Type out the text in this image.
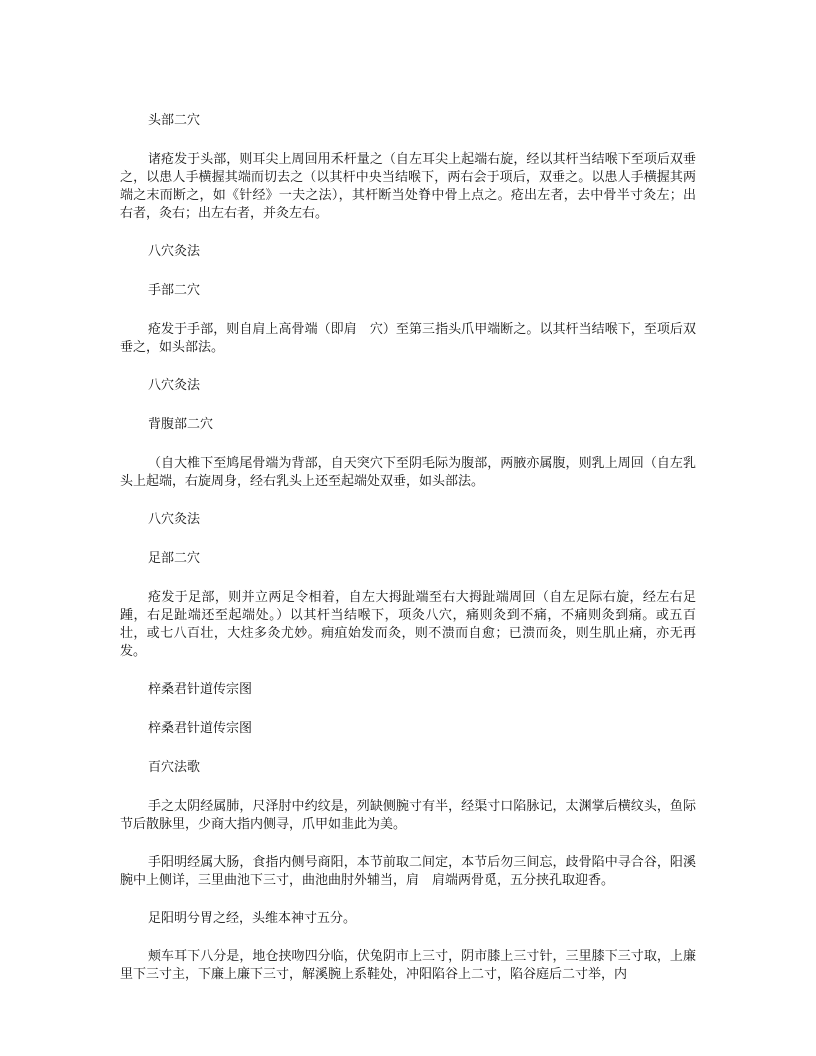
头部二穴
诸疮发于头部，则耳尖上周回用禾杆量之（自左耳尖上起端右旋，经以其杆当结喉下至项后双垂之，以患人手横握其端而切去之（以其杆中央当结喉下，两右会于项后，双垂之。以患人手横握其两端之末而断之，如《针经》一夫之法），其杆断当处脊中骨上点之。疮出左者，去中骨半寸灸左；出右者，灸右；出左右者，并灸左右。
八穴灸法
手部二穴
疮发于手部，则自肩上高骨端（即肩　穴）至第三指头爪甲端断之。以其杆当结喉下，至项后双垂之，如头部法。
八穴灸法
背腹部二穴
（自大椎下至鸠尾骨端为背部，自天突穴下至阴毛际为腹部，两腋亦属腹，则乳上周回（自左乳头上起端，右旋周身，经右乳头上还至起端处双垂，如头部法。
八穴灸法
足部二穴
疮发于足部，则并立两足令相着，自左大拇趾端至右大拇趾端周回（自左足际右旋，经左右足踵，右足趾端还至起端处。）以其杆当结喉下，项灸八穴，痛则灸到不痛，不痛则灸到痛。或五百壮，或七八百壮，大炷多灸尤妙。痈疽始发而灸，则不溃而自愈；已溃而灸，则生肌止痛，亦无再发。
梓桑君针道传宗图
梓桑君针道传宗图
百穴法歌
手之太阴经属肺，尺泽肘中约纹是，列缺侧腕寸有半，经渠寸口陷脉记，太渊掌后横纹头，鱼际节后散脉里，少商大指内侧寻，爪甲如韭此为美。
手阳明经属大肠，食指内侧号商阳，本节前取二间定，本节后勿三间忘，歧骨陷中寻合谷，阳溪腕中上侧详，三里曲池下三寸，曲池曲肘外辅当，肩　肩端两骨觅，五分挟孔取迎香。
足阳明兮胃之经，头维本神寸五分。
颊车耳下八分是，地仓挟吻四分临，伏兔阴市上三寸，阴市膝上三寸针，三里膝下三寸取，上廉里下三寸主，下廉上廉下三寸，解溪腕上系鞋处，冲阳陷谷上二寸，陷谷庭后二寸举，内
